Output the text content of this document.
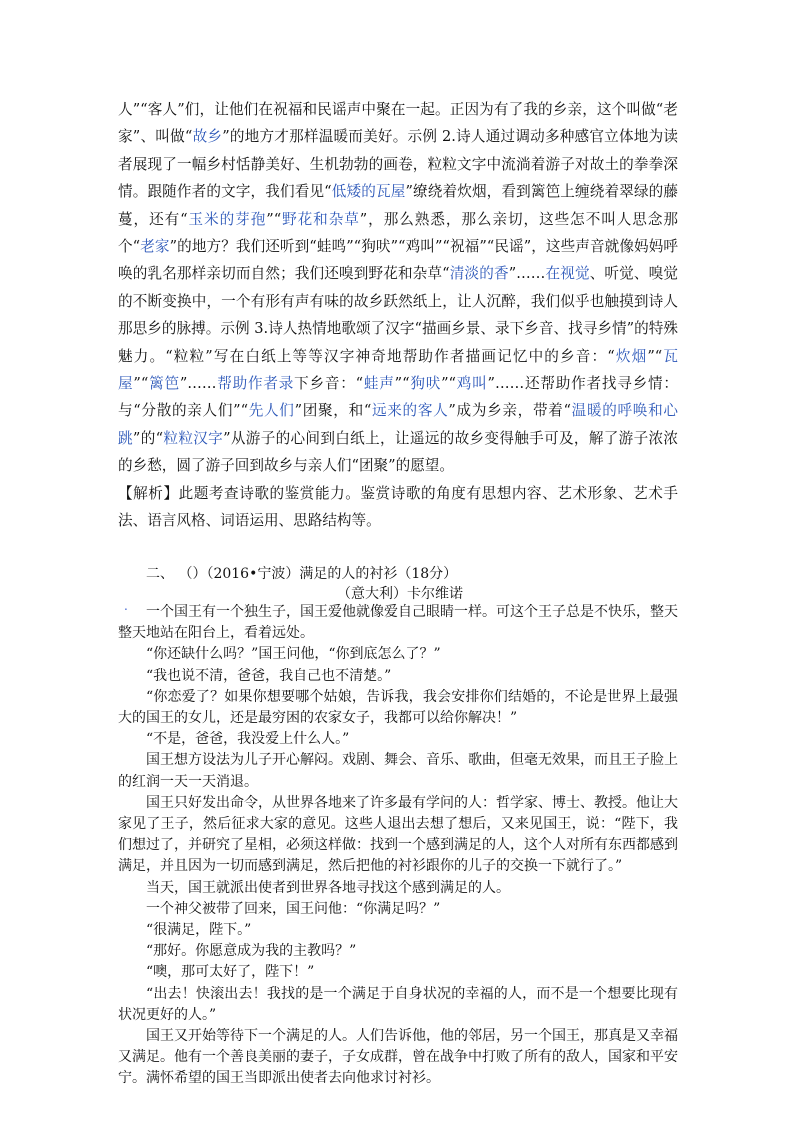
人”“客人”们，让他们在祝福和民谣声中聚在一起。正因为有了我的乡亲，这个叫做“老家”、叫做“故乡”的地方才那样温暖而美好。示例 2.诗人通过调动多种感官立体地为读者展现了一幅乡村恬静美好、生机勃勃的画卷，粒粒文字中流淌着游子对故土的拳拳深情。跟随作者的文字，我们看见“低矮的瓦屋”缭绕着炊烟，看到篱笆上缠绕着翠绿的藤蔓，还有“玉米的芽孢”“野花和杂草”，那么熟悉，那么亲切，这些怎不叫人思念那个“老家”的地方？我们还听到“蛙鸣”“狗吠”“鸡叫”“祝福”“民谣”，这些声音就像妈妈呼唤的乳名那样亲切而自然；我们还嗅到野花和杂草“清淡的香”……在视觉、听觉、嗅觉的不断变换中，一个有形有声有味的故乡跃然纸上，让人沉醉，我们似乎也触摸到诗人那思乡的脉搏。示例 3.诗人热情地歌颂了汉字“描画乡景、录下乡音、找寻乡情”的特殊魅力。“粒粒”写在白纸上等等汉字神奇地帮助作者描画记忆中的乡音：“炊烟”“瓦屋”“篱笆”……帮助作者录下乡音：“蛙声”“狗吠”“鸡叫”……还帮助作者找寻乡情：与“分散的亲人们”“先人们”团聚，和“远来的客人”成为乡亲，带着“温暖的呼唤和心跳”的“粒粒汉字”从游子的心间到白纸上，让遥远的故乡变得触手可及，解了游子浓浓的乡愁，圆了游子回到故乡与亲人们“团聚”的愿望。

【解析】此题考查诗歌的鉴赏能力。鉴赏诗歌的角度有思想内容、艺术形象、艺术手法、语言风格、词语运用、思路结构等。

二、 （）（2016•宁波）满足的人的衬衫（18分）
（意大利）卡尔维诺
.	一个国王有一个独生子，国王爱他就像爱自己眼睛一样。可这个王子总是不快乐，整天整天地站在阳台上，看着远处。

“你还缺什么吗？”国王问他，“你到底怎么了？”

“我也说不清，爸爸，我自己也不清楚。”

“你恋爱了？如果你想要哪个姑娘，告诉我，我会安排你们结婚的，不论是世界上最强大的国王的女儿，还是最穷困的农家女子，我都可以给你解决！”

“不是，爸爸，我没爱上什么人。”

国王想方设法为儿子开心解闷。戏剧、舞会、音乐、歌曲，但毫无效果，而且王子脸上的红润一天一天消退。

国王只好发出命令，从世界各地来了许多最有学问的人：哲学家、博士、教授。他让大家见了王子，然后征求大家的意见。这些人退出去想了想后，又来见国王，说：“陛下，我们想过了，并研究了星相，必须这样做：找到一个感到满足的人，这个人对所有东西都感到满足，并且因为一切而感到满足，然后把他的衬衫跟你的儿子的交换一下就行了。”

当天，国王就派出使者到世界各地寻找这个感到满足的人。

一个神父被带了回来，国王问他：“你满足吗？”

“很满足，陛下。”

“那好。你愿意成为我的主教吗？”

“噢，那可太好了，陛下！”

“出去！快滚出去！我找的是一个满足于自身状况的幸福的人，而不是一个想要比现有状况更好的人。”

国王又开始等待下一个满足的人。人们告诉他，他的邻居，另一个国王，那真是又幸福又满足。他有一个善良美丽的妻子，子女成群，曾在战争中打败了所有的敌人，国家和平安宁。满怀希望的国王当即派出使者去向他求讨衬衫。
